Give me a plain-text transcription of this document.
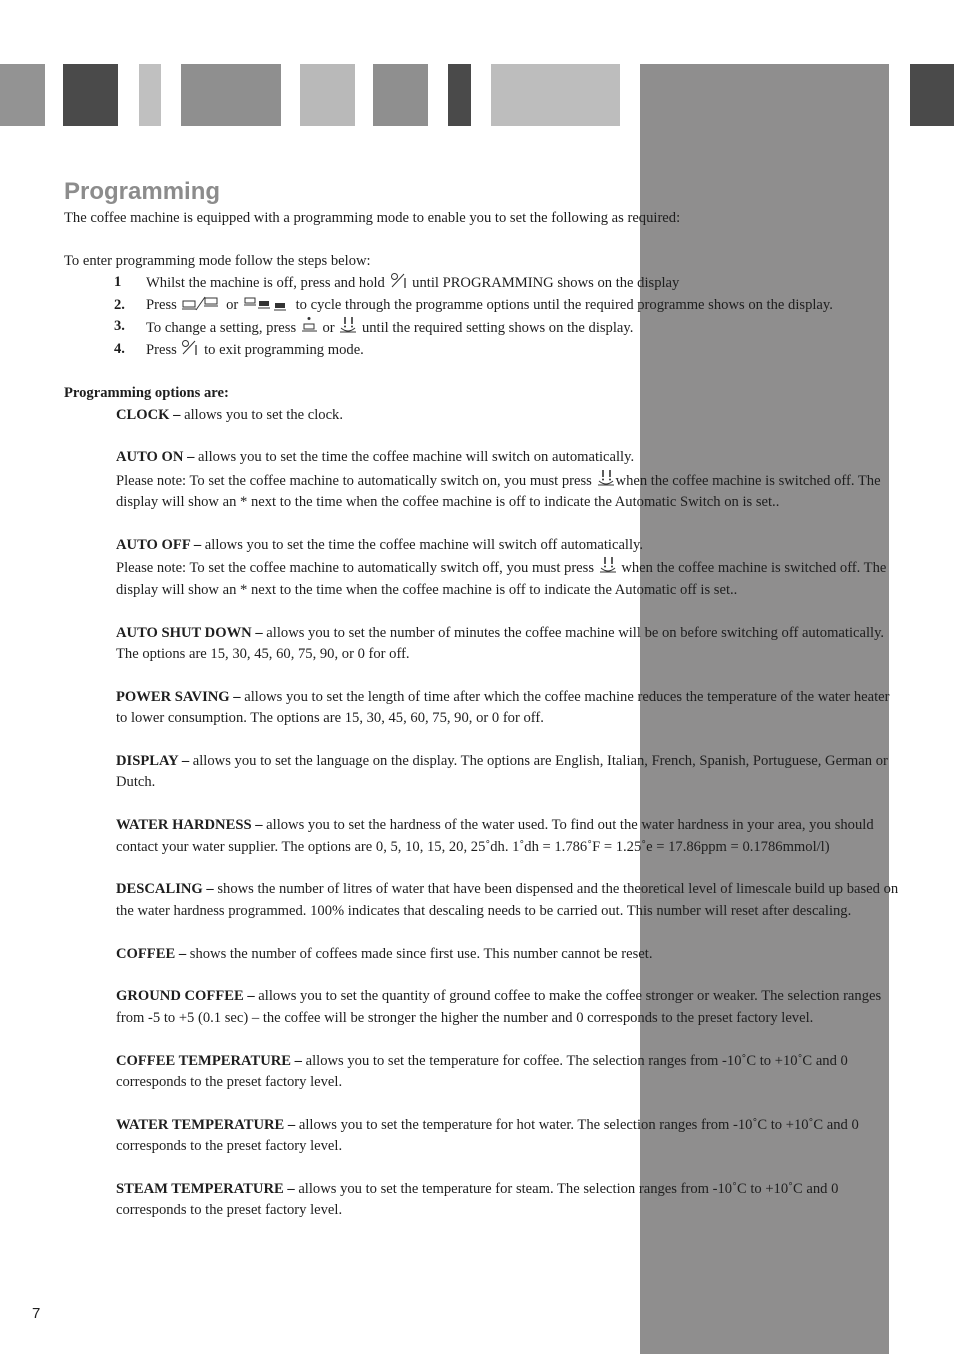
Programming

The coffee machine is equipped with a programming mode to enable you to set the following as required:

To enter programming mode follow the steps below:

1 Whilst the machine is off, press and hold until PROGRAMMING shows on the display
2. Press	or	to cycle through the programme options until the required programme shows on the display.
3. To change a setting, press or until the required setting shows on the display.
4. Press to exit programming mode.

Programming options are:

CLOCK – allows you to set the clock.

AUTO ON – allows you to set the time the coffee machine will switch on automatically.
Please note: To set the coffee machine to automatically switch on, you must press when the coffee machine is switched off. The display will show an * next to the time when the coffee machine is off to indicate the Automatic Switch on is set..

AUTO OFF – allows you to set the time the coffee machine will switch off automatically.
Please note: To set the coffee machine to automatically switch off, you must press
when the coffee machine is switched off. The display will show an * next to the time when the coffee machine is off to indicate the Automatic off is set..

AUTO SHUT DOWN – allows you to set the number of minutes the coffee machine will be on before switching off automatically. The options are 15, 30, 45, 60, 75, 90, or 0 for off.

POWER SAVING – allows you to set the length of time after which the coffee machine reduces the temperature of the water heater to lower consumption. The options are 15, 30, 45, 60, 75, 90, or 0 for off.

DISPLAY – allows you to set the language on the display. The options are English, Italian, French, Spanish, Portuguese, German or Dutch.

WATER HARDNESS – allows you to set the hardness of the water used. To find out the water hardness in your area, you should contact your water supplier. The options are 0, 5, 10, 15, 20, 25˚dh. 1˚dh = 1.786˚F = 1.25˚e = 17.86ppm = 0.1786mmol/l)

DESCALING – shows the number of litres of water that have been dispensed and the theoretical level of limescale build up based on the water hardness programmed. 100% indicates that descaling needs to be carried out. This number will reset after descaling.

COFFEE – shows the number of coffees made since first use. This number cannot be reset.

GROUND COFFEE – allows you to set the quantity of ground coffee to make the coffee stronger or weaker. The selection ranges from -5 to +5 (0.1 sec) – the coffee will be stronger the higher the number and 0 corresponds to the preset factory level.

COFFEE TEMPERATURE – allows you to set the temperature for coffee. The selection ranges from -10˚C to +10˚C and 0 corresponds to the preset factory level.

WATER TEMPERATURE – allows you to set the temperature for hot water. The selection ranges from -10˚C to +10˚C and 0 corresponds to the preset factory level.

STEAM TEMPERATURE – allows you to set the temperature for steam. The selection ranges from -10˚C to +10˚C and 0 corresponds to the preset factory level.

7
